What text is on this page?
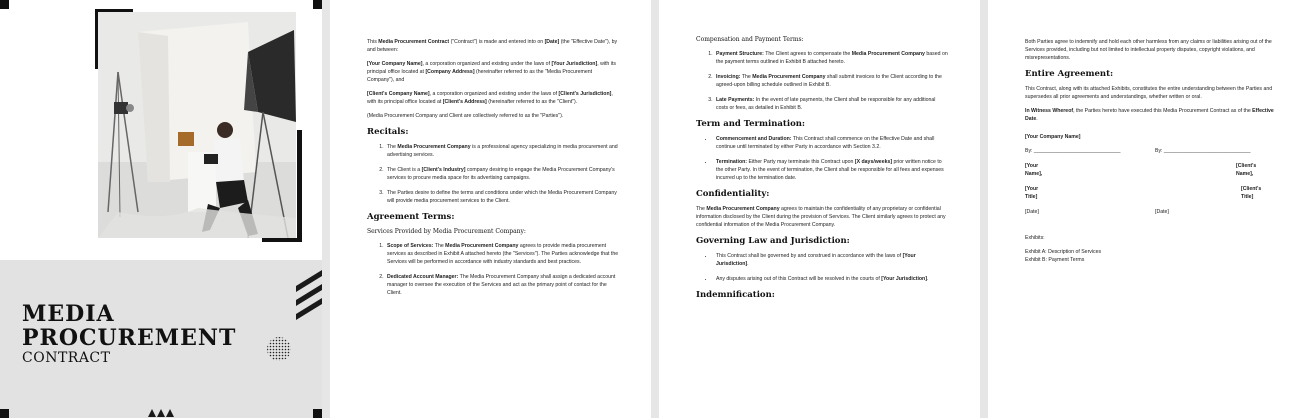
MEDIA
PROCUREMENT
CONTRACT

This Media Procurement Contract ("Contract") is made and entered into on [Date] (the "Effective Date"), by and between:

[Your Company Name], a corporation organized and existing under the laws of [Your Jurisdiction], with its principal office located at [Company Address] (hereinafter referred to as the "Media Procurement Company"), and

[Client's Company Name], a corporation organized and existing under the laws of [Client's Jurisdiction], with its principal office located at [Client's Address] (hereinafter referred to as the "Client").

(Media Procurement Company and Client are collectively referred to as the "Parties").

Recitals:
1. The Media Procurement Company is a professional agency specializing in media procurement and advertising services.
2. The Client is a [Client's Industry] company desiring to engage the Media Procurement Company's services to procure media space for its advertising campaigns.
3. The Parties desire to define the terms and conditions under which the Media Procurement Company will provide media procurement services to the Client.
Agreement Terms:
Services Provided by Media Procurement Company:
1. Scope of Services: The Media Procurement Company agrees to provide media procurement services as described in Exhibit A attached hereto (the "Services"). The Parties acknowledge that the Services will be performed in accordance with industry standards and best practices.
2. Dedicated Account Manager: The Media Procurement Company shall assign a dedicated account manager to oversee the execution of the Services and act as the primary point of contact for the Client.
Compensation and Payment Terms:
1. Payment Structure: The Client agrees to compensate the Media Procurement Company based on the payment terms outlined in Exhibit B attached hereto.
2. Invoicing: The Media Procurement Company shall submit invoices to the Client according to the agreed-upon billing schedule outlined in Exhibit B.
3. Late Payments: In the event of late payments, the Client shall be responsible for any additional costs or fees, as detailed in Exhibit B.
Term and Termination:
• Commencement and Duration: This Contract shall commence on the Effective Date and shall continue until terminated by either Party in accordance with Section 3.2.
• Termination: Either Party may terminate this Contract upon [X days/weeks] prior written notice to the other Party. In the event of termination, the Client shall be responsible for all fees and expenses incurred up to the termination date.
Confidentiality:

The Media Procurement Company agrees to maintain the confidentiality of any proprietary or confidential information disclosed by the Client during the provision of Services. The Client similarly agrees to protect any confidential information of the Media Procurement Company.

Governing Law and Jurisdiction:
• This Contract shall be governed by and construed in accordance with the laws of [Your Jurisdiction].
• Any disputes arising out of this Contract will be resolved in the courts of [Your Jurisdiction].
Indemnification:

Both Parties agree to indemnify and hold each other harmless from any claims or liabilities arising out of the Services provided, including but not limited to intellectual property disputes, copyright violations, and misrepresentations.

Entire Agreement:

This Contract, along with its attached Exhibits, constitutes the entire understanding between the Parties and supersedes all prior agreements and understandings, whether written or oral.

In Witness Whereof, the Parties hereto have executed this Media Procurement Contract as of the Effective Date.

[Your Company Name]

By: ______________________________	By: ______________________________
[Your Name],
[Client's Name],
[Your Title]
[Client's Title]
[Date]	[Date]

Exhibits:

Exhibit A: Description of Services
Exhibit B: Payment Terms
